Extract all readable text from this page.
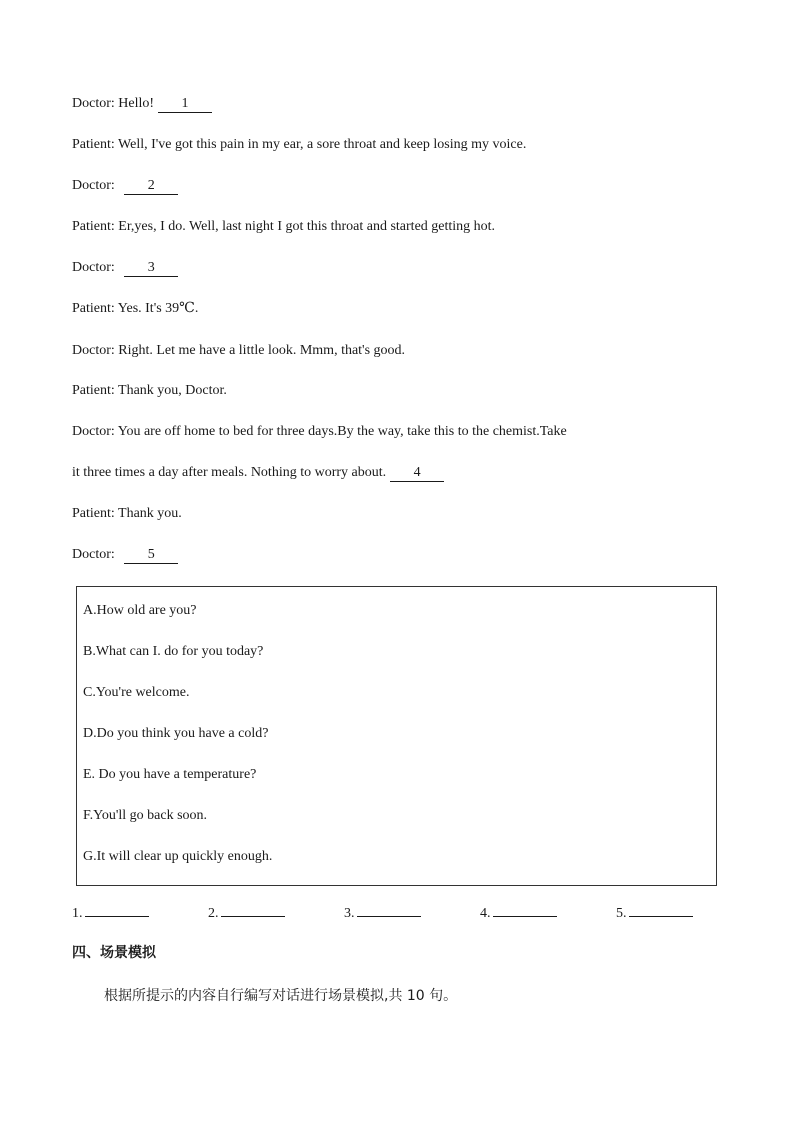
Doctor: Hello! 1
Patient: Well, I've got this pain in my ear, a sore throat and keep losing my voice.
Doctor: 2
Patient: Er,yes, I do. Well, last night I got this throat and started getting hot.
Doctor: 3
Patient: Yes. It's 39℃.
Doctor: Right. Let me have a little look. Mmm, that's good.
Patient: Thank you, Doctor.
Doctor: You are off home to bed for three days.By the way, take this to the chemist.Take
it three times a day after meals. Nothing to worry about. 4
Patient: Thank you.
Doctor: 5
A.How old are you?
B.What can I. do for you today?
C.You're welcome.
D.Do you think you have a cold?
E. Do you have a temperature?
F.You'll go back soon.
G.It will clear up quickly enough.
1.	2.	3.	4.	5.
四、场景模拟
根据所提示的内容自行编写对话进行场景模拟,共 10 句。
